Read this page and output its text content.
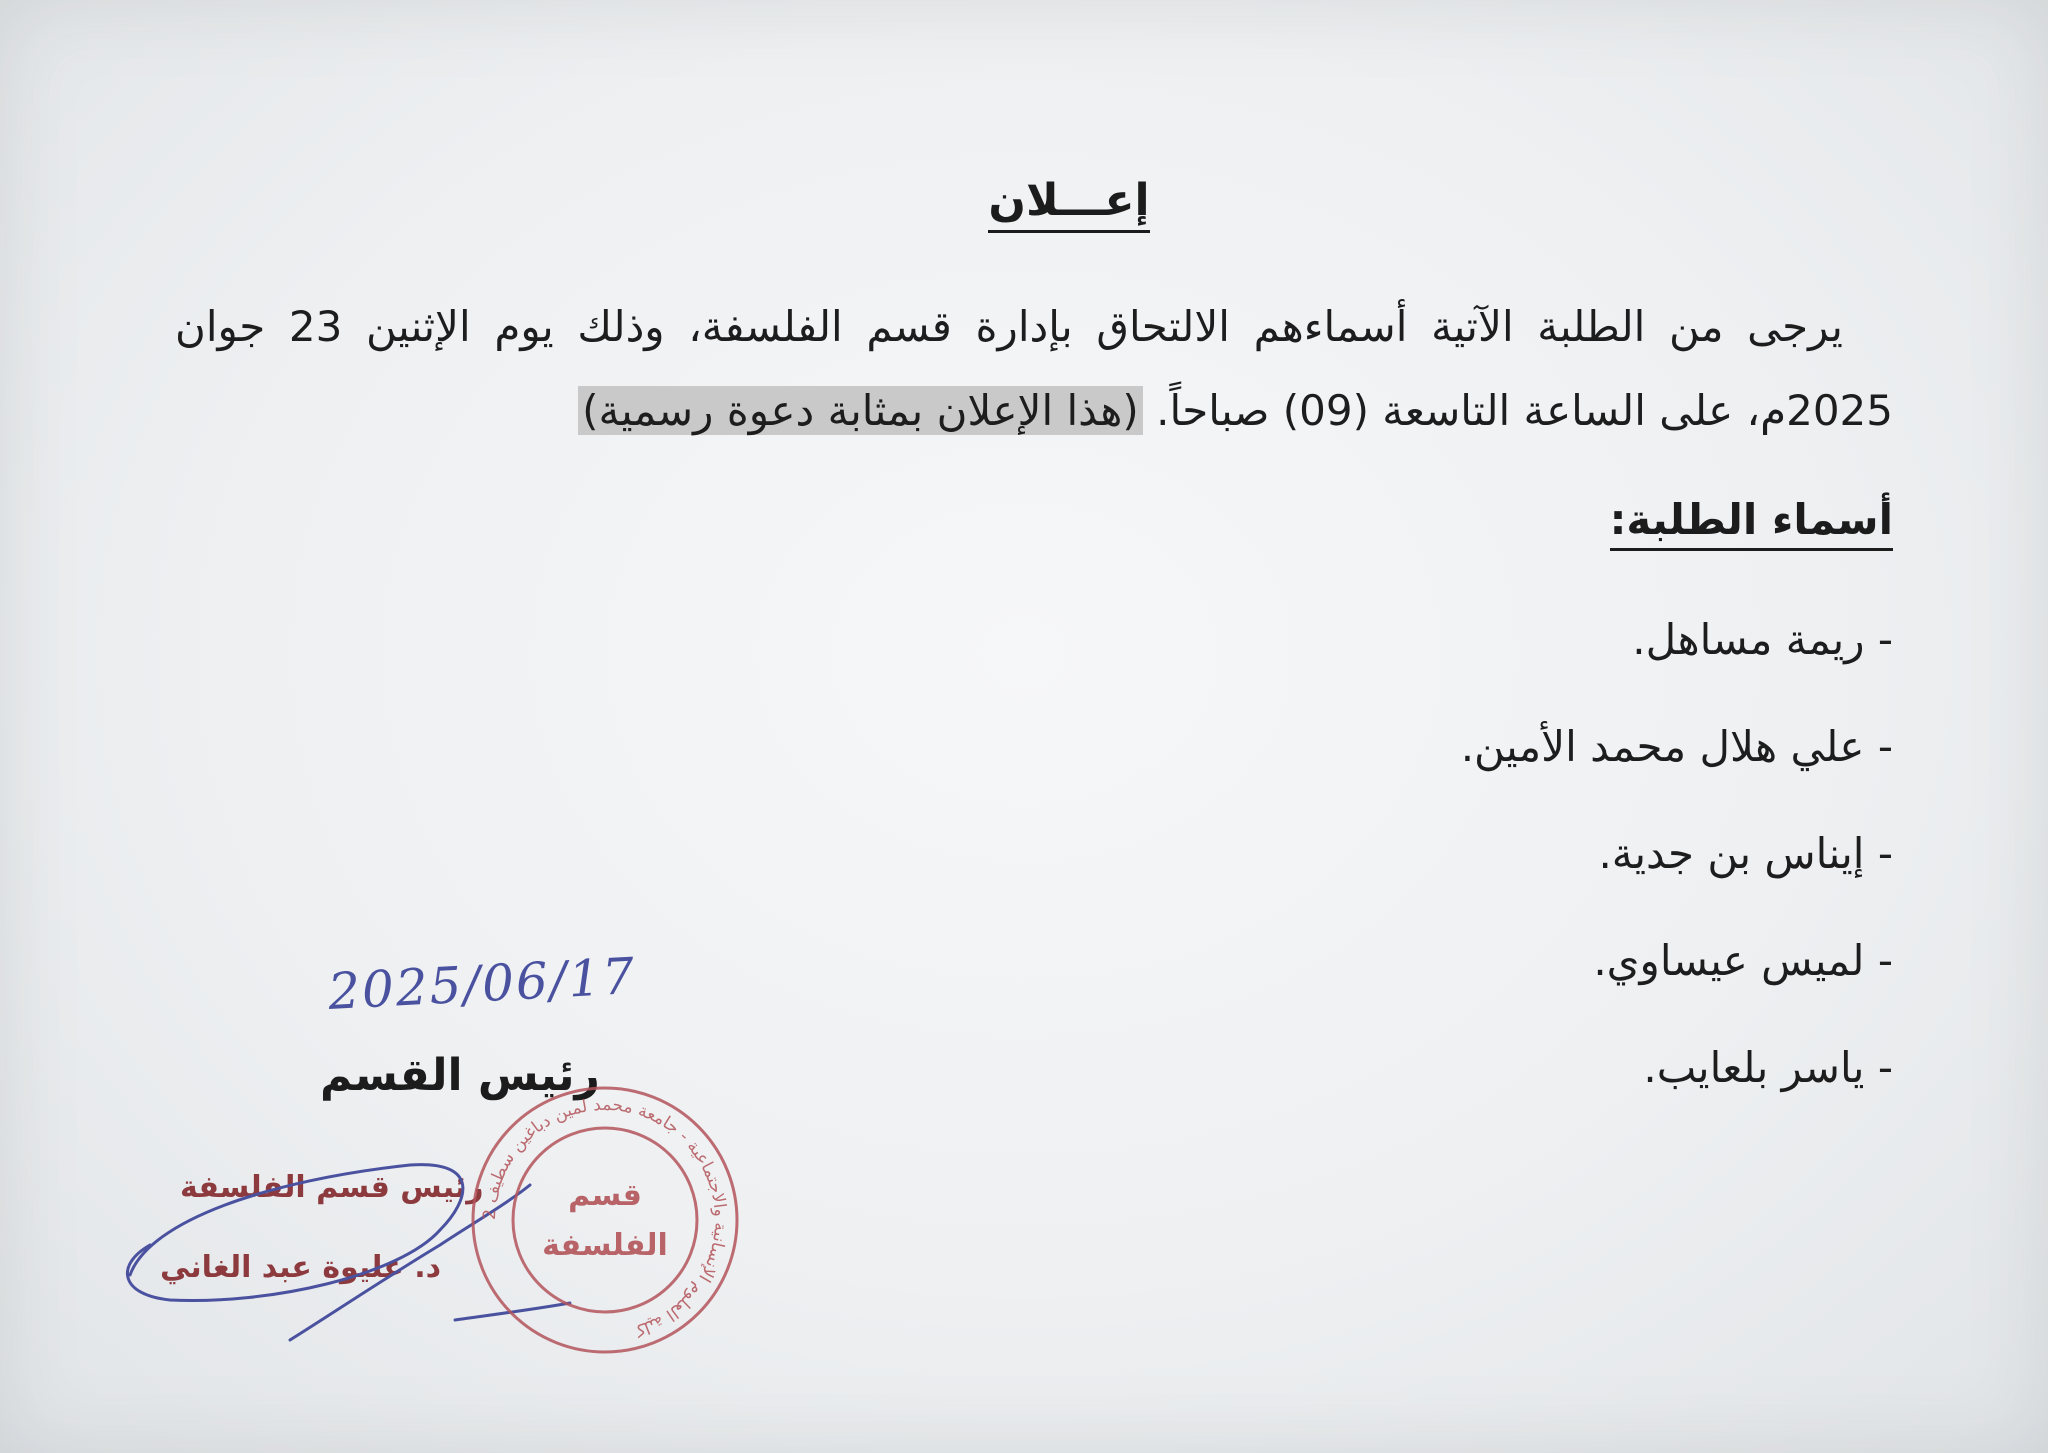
إعـــلان
يرجى من الطلبة الآتية أسماءهم الالتحاق بإدارة قسم الفلسفة، وذلك يوم الإثنين 23 جوان 2025م، على الساعة التاسعة (09) صباحاً. (هذا الإعلان بمثابة دعوة رسمية)
أسماء الطلبة:
- ريمة مساهل.
- علي هلال محمد الأمين.
- إيناس بن جدية.
- لميس عيساوي.
- ياسر بلعايب.
2025/06/17
رئيس القسم
رئيس قسم الفلسفة
د. عليوة عبد الغاني
كلية العلوم الإنسانية والاجتماعية - جامعة محمد لمين دباغين سطيف 2
قسم
الفلسفة
